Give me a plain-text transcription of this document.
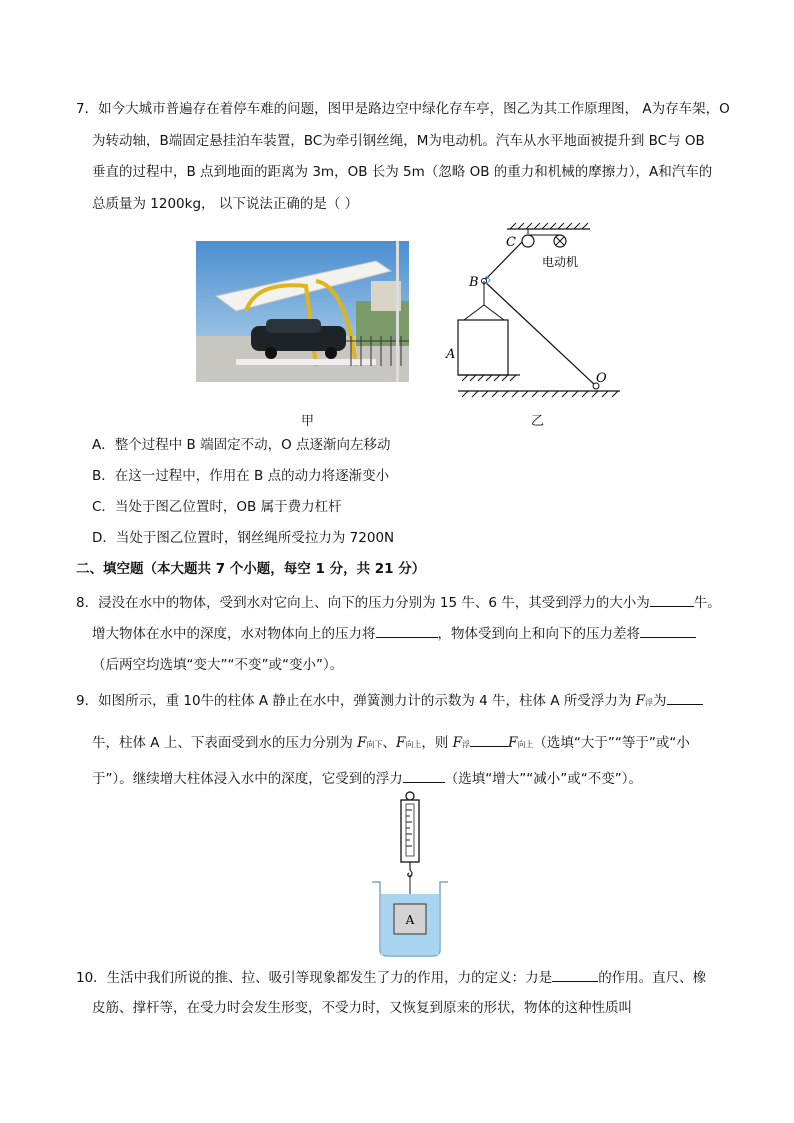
7．如今大城市普遍存在着停车难的问题，图甲是路边空中绿化存车亭，图乙为其工作原理图， A为存车架，O
为转动轴，B端固定悬挂泊车装置，BC为牵引钢丝绳，M为电动机。汽车从水平地面被提升到 BC与 OB
垂直的过程中，B 点到地面的距离为 3m，OB 长为 5m（忽略 OB 的重力和机械的摩擦力），A和汽车的
总质量为 1200kg， 以下说法正确的是（ ）
甲
C
B
A
O
电动机
乙
A．整个过程中 B 端固定不动，O 点逐渐向左移动
B．在这一过程中，作用在 B 点的动力将逐渐变小
C．当处于图乙位置时，OB 属于费力杠杆
D．当处于图乙位置时，钢丝绳所受拉力为 7200N
二、填空题（本大题共 7 个小题，每空 1 分，共 21 分）
8．浸没在水中的物体，受到水对它向上、向下的压力分别为 15 牛、6 牛，其受到浮力的大小为	牛。
增大物体在水中的深度，水对物体向上的压力将	，物体受到向上和向下的压力差将
（后两空均选填“变大”“不变”或“变小”）。
9．如图所示，重 10牛的柱体 A 静止在水中，弹簧测力计的示数为 4 牛，柱体 A 所受浮力为 F浮为
牛，柱体 A 上、下表面受到水的压力分别为 F向下、F向上，则 F浮	F向上（选填“大于”“等于”或“小
于”）。继续增大柱体浸入水中的深度，它受到的浮力	（选填“增大”“减小”或“不变”）。
A
10．生活中我们所说的推、拉、吸引等现象都发生了力的作用，力的定义：力是	的作用。直尺、橡
皮筋、撑杆等，在受力时会发生形变，不受力时，又恢复到原来的形状，物体的这种性质叫
